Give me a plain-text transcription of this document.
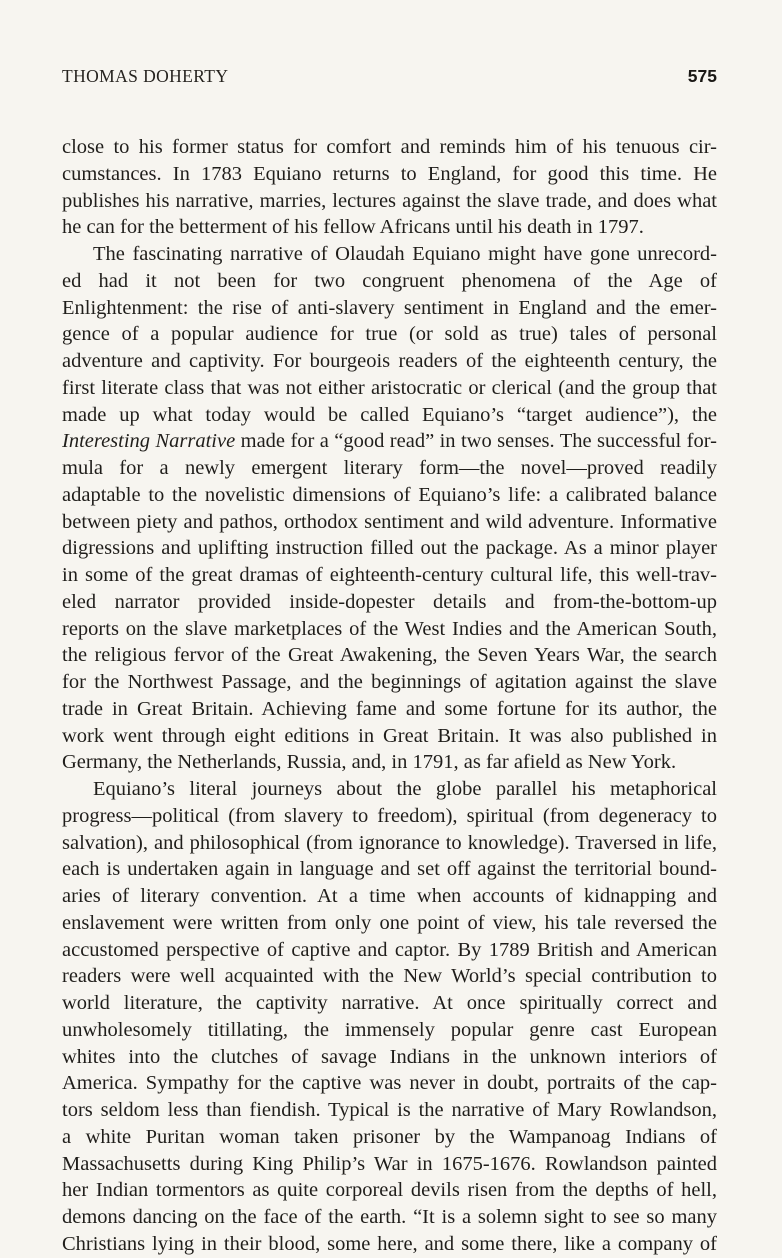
THOMAS DOHERTY	575
close to his former status for comfort and reminds him of his tenuous cir-
cumstances. In 1783 Equiano returns to England, for good this time. He
publishes his narrative, marries, lectures against the slave trade, and does what
he can for the betterment of his fellow Africans until his death in 1797.
The fascinating narrative of Olaudah Equiano might have gone unrecord-
ed had it not been for two congruent phenomena of the Age of
Enlightenment: the rise of anti-slavery sentiment in England and the emer-
gence of a popular audience for true (or sold as true) tales of personal
adventure and captivity. For bourgeois readers of the eighteenth century, the
first literate class that was not either aristocratic or clerical (and the group that
made up what today would be called Equiano’s “target audience”), the
Interesting Narrative made for a “good read” in two senses. The successful for-
mula for a newly emergent literary form—the novel—proved readily
adaptable to the novelistic dimensions of Equiano’s life: a calibrated balance
between piety and pathos, orthodox sentiment and wild adventure. Informative
digressions and uplifting instruction filled out the package. As a minor player
in some of the great dramas of eighteenth-century cultural life, this well-trav-
eled narrator provided inside-dopester details and from-the-bottom-up
reports on the slave marketplaces of the West Indies and the American South,
the religious fervor of the Great Awakening, the Seven Years War, the search
for the Northwest Passage, and the beginnings of agitation against the slave
trade in Great Britain. Achieving fame and some fortune for its author, the
work went through eight editions in Great Britain. It was also published in
Germany, the Netherlands, Russia, and, in 1791, as far afield as New York.
Equiano’s literal journeys about the globe parallel his metaphorical
progress—political (from slavery to freedom), spiritual (from degeneracy to
salvation), and philosophical (from ignorance to knowledge). Traversed in life,
each is undertaken again in language and set off against the territorial bound-
aries of literary convention. At a time when accounts of kidnapping and
enslavement were written from only one point of view, his tale reversed the
accustomed perspective of captive and captor. By 1789 British and American
readers were well acquainted with the New World’s special contribution to
world literature, the captivity narrative. At once spiritually correct and
unwholesomely titillating, the immensely popular genre cast European
whites into the clutches of savage Indians in the unknown interiors of
America. Sympathy for the captive was never in doubt, portraits of the cap-
tors seldom less than fiendish. Typical is the narrative of Mary Rowlandson,
a white Puritan woman taken prisoner by the Wampanoag Indians of
Massachusetts during King Philip’s War in 1675-1676. Rowlandson painted
her Indian tormentors as quite corporeal devils risen from the depths of hell,
demons dancing on the face of the earth. “It is a solemn sight to see so many
Christians lying in their blood, some here, and some there, like a company of
